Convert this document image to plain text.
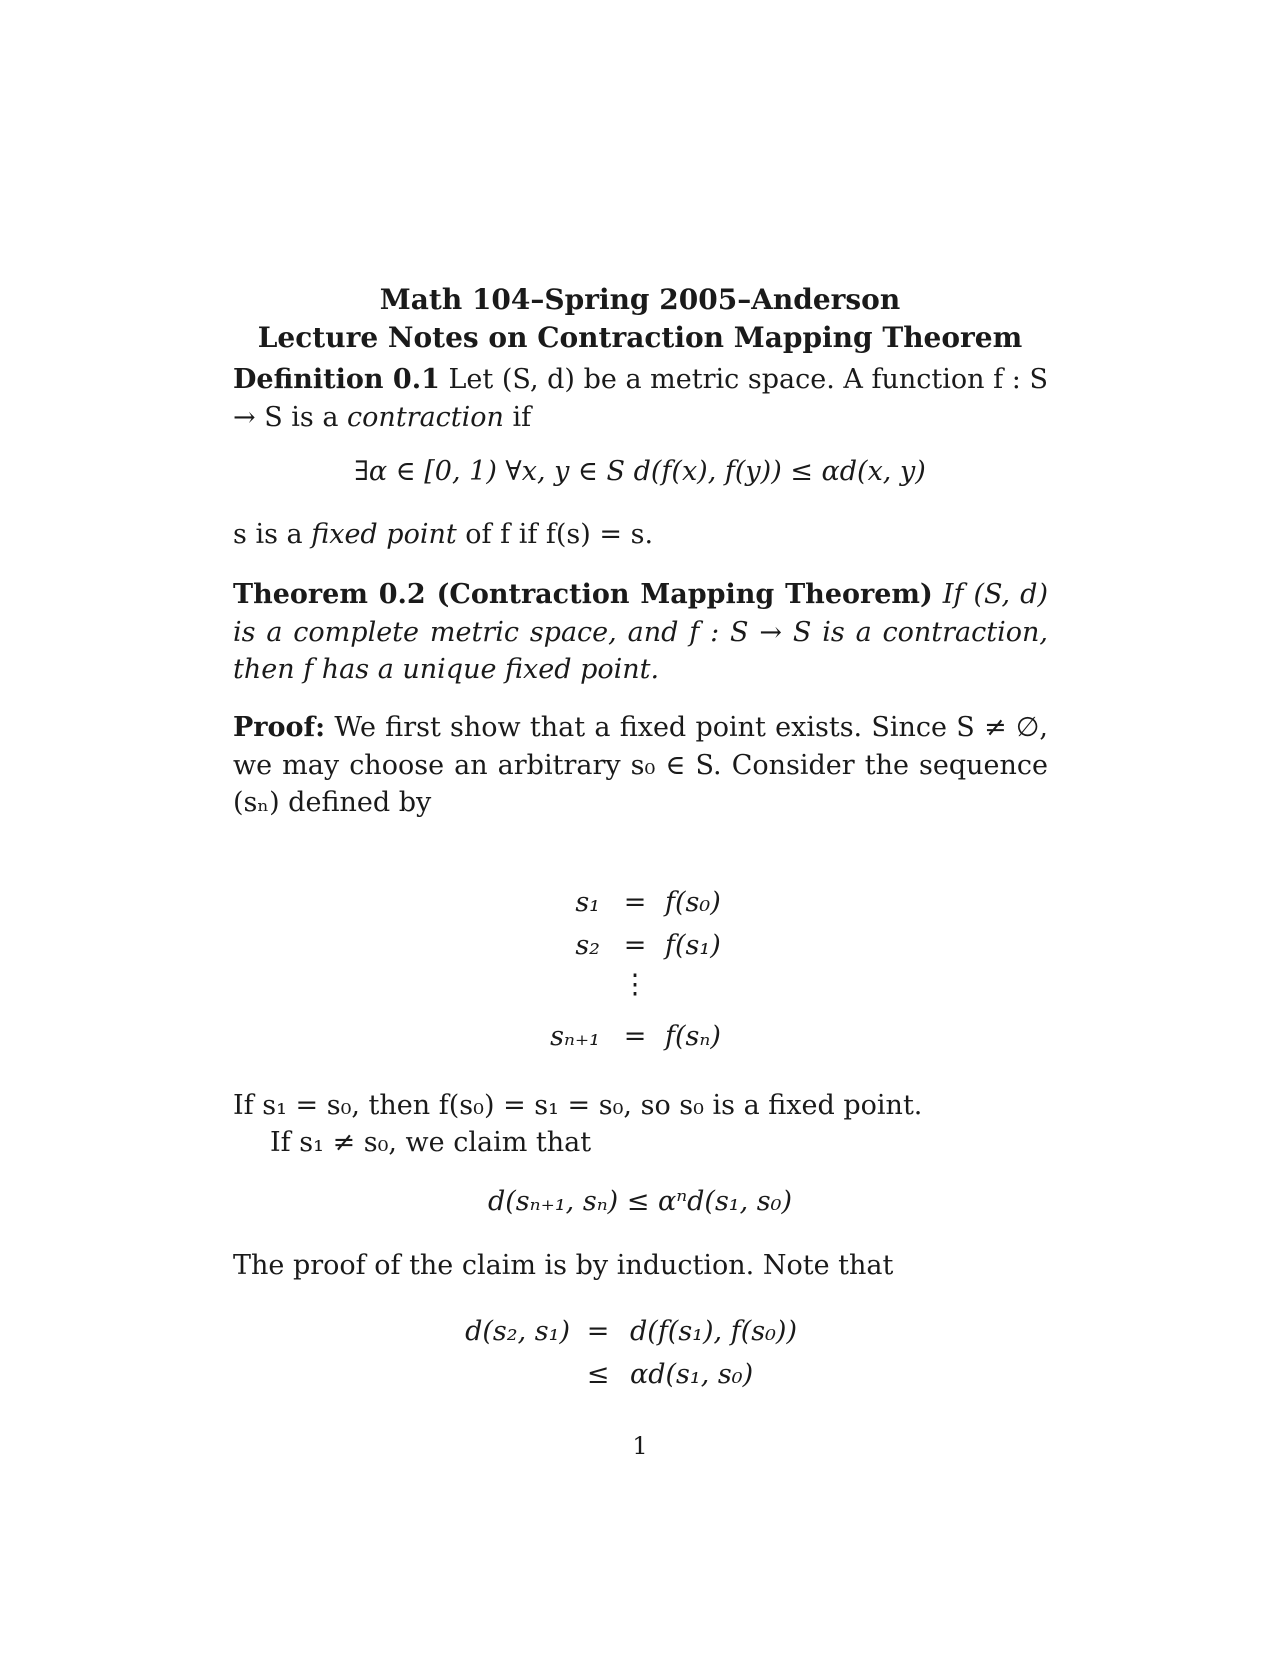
Math 104–Spring 2005–Anderson
Lecture Notes on Contraction Mapping Theorem
Definition 0.1 Let (S, d) be a metric space. A function f : S → S is a contraction if
∃α ∈ [0, 1) ∀x, y ∈ S d(f(x), f(y)) ≤ αd(x, y)
s is a fixed point of f if f(s) = s.
Theorem 0.2 (Contraction Mapping Theorem) If (S, d) is a complete metric space, and f : S → S is a contraction, then f has a unique fixed point.
Proof: We first show that a fixed point exists. Since S ≠ ∅, we may choose an arbitrary s₀ ∈ S. Consider the sequence (sₙ) defined by
s₁ = f(s₀)
s₂ = f(s₁)
⋮
sₙ₊₁ = f(sₙ)
If s₁ = s₀, then f(s₀) = s₁ = s₀, so s₀ is a fixed point.
If s₁ ≠ s₀, we claim that
d(sₙ₊₁, sₙ) ≤ αⁿd(s₁, s₀)
The proof of the claim is by induction. Note that
d(s₂, s₁) = d(f(s₁), f(s₀))
≤ αd(s₁, s₀)
1
